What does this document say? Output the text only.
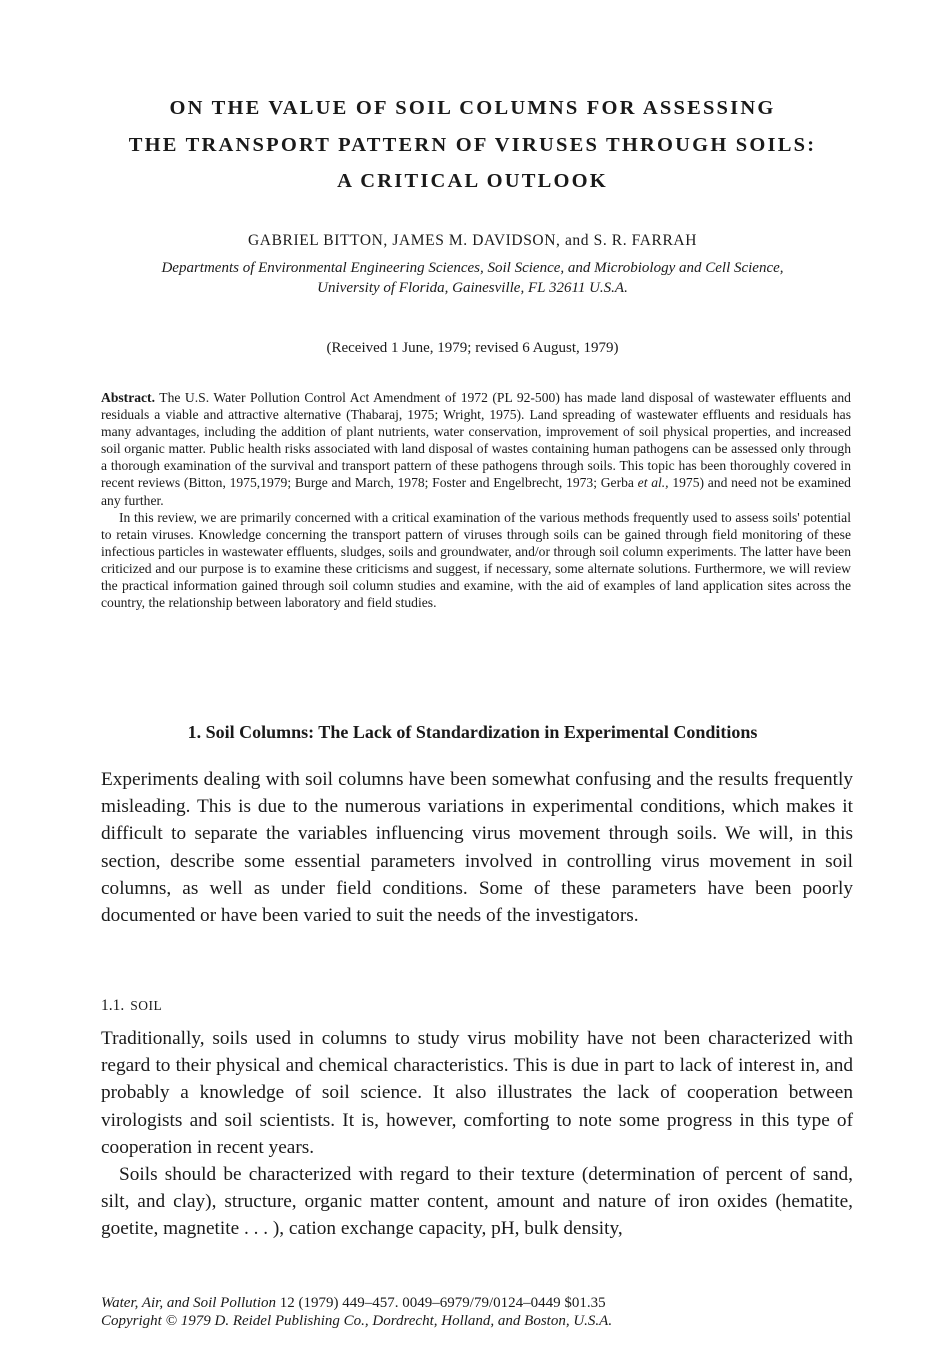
ON THE VALUE OF SOIL COLUMNS FOR ASSESSING
THE TRANSPORT PATTERN OF VIRUSES THROUGH SOILS:
A CRITICAL OUTLOOK
GABRIEL BITTON, JAMES M. DAVIDSON, and S. R. FARRAH
Departments of Environmental Engineering Sciences, Soil Science, and Microbiology and Cell Science,
University of Florida, Gainesville, FL 32611 U.S.A.
(Received 1 June, 1979; revised 6 August, 1979)

Abstract. The U.S. Water Pollution Control Act Amendment of 1972 (PL 92-500) has made land disposal of wastewater effluents and residuals a viable and attractive alternative (Thabaraj, 1975; Wright, 1975). Land spreading of wastewater effluents and residuals has many advantages, including the addition of plant nutrients, water conservation, improvement of soil physical properties, and increased soil organic matter. Public health risks associated with land disposal of wastes containing human pathogens can be assessed only through a thorough examination of the survival and transport pattern of these pathogens through soils. This topic has been thoroughly covered in recent reviews (Bitton, 1975,1979; Burge and March, 1978; Foster and Engelbrecht, 1973; Gerba et al., 1975) and need not be examined any further.

In this review, we are primarily concerned with a critical examination of the various methods frequently used to assess soils' potential to retain viruses. Knowledge concerning the transport pattern of viruses through soils can be gained through field monitoring of these infectious particles in wastewater effluents, sludges, soils and groundwater, and/or through soil column experiments. The latter have been criticized and our purpose is to examine these criticisms and suggest, if necessary, some alternate solutions. Furthermore, we will review the practical information gained through soil column studies and examine, with the aid of examples of land application sites across the country, the relationship between laboratory and field studies.

1. Soil Columns: The Lack of Standardization in Experimental Conditions

Experiments dealing with soil columns have been somewhat confusing and the results frequently misleading. This is due to the numerous variations in experimental conditions, which makes it difficult to separate the variables influencing virus movement through soils. We will, in this section, describe some essential parameters involved in controlling virus movement in soil columns, as well as under field conditions. Some of these parameters have been poorly documented or have been varied to suit the needs of the investigators.

1.1. SOIL

Traditionally, soils used in columns to study virus mobility have not been characterized with regard to their physical and chemical characteristics. This is due in part to lack of interest in, and probably a knowledge of soil science. It also illustrates the lack of cooperation between virologists and soil scientists. It is, however, comforting to note some progress in this type of cooperation in recent years.

Soils should be characterized with regard to their texture (determination of percent of sand, silt, and clay), structure, organic matter content, amount and nature of iron oxides (hematite, goetite, magnetite . . . ), cation exchange capacity, pH, bulk density,

Water, Air, and Soil Pollution 12 (1979) 449–457. 0049–6979/79/0124–0449 $01.35
Copyright © 1979 D. Reidel Publishing Co., Dordrecht, Holland, and Boston, U.S.A.
